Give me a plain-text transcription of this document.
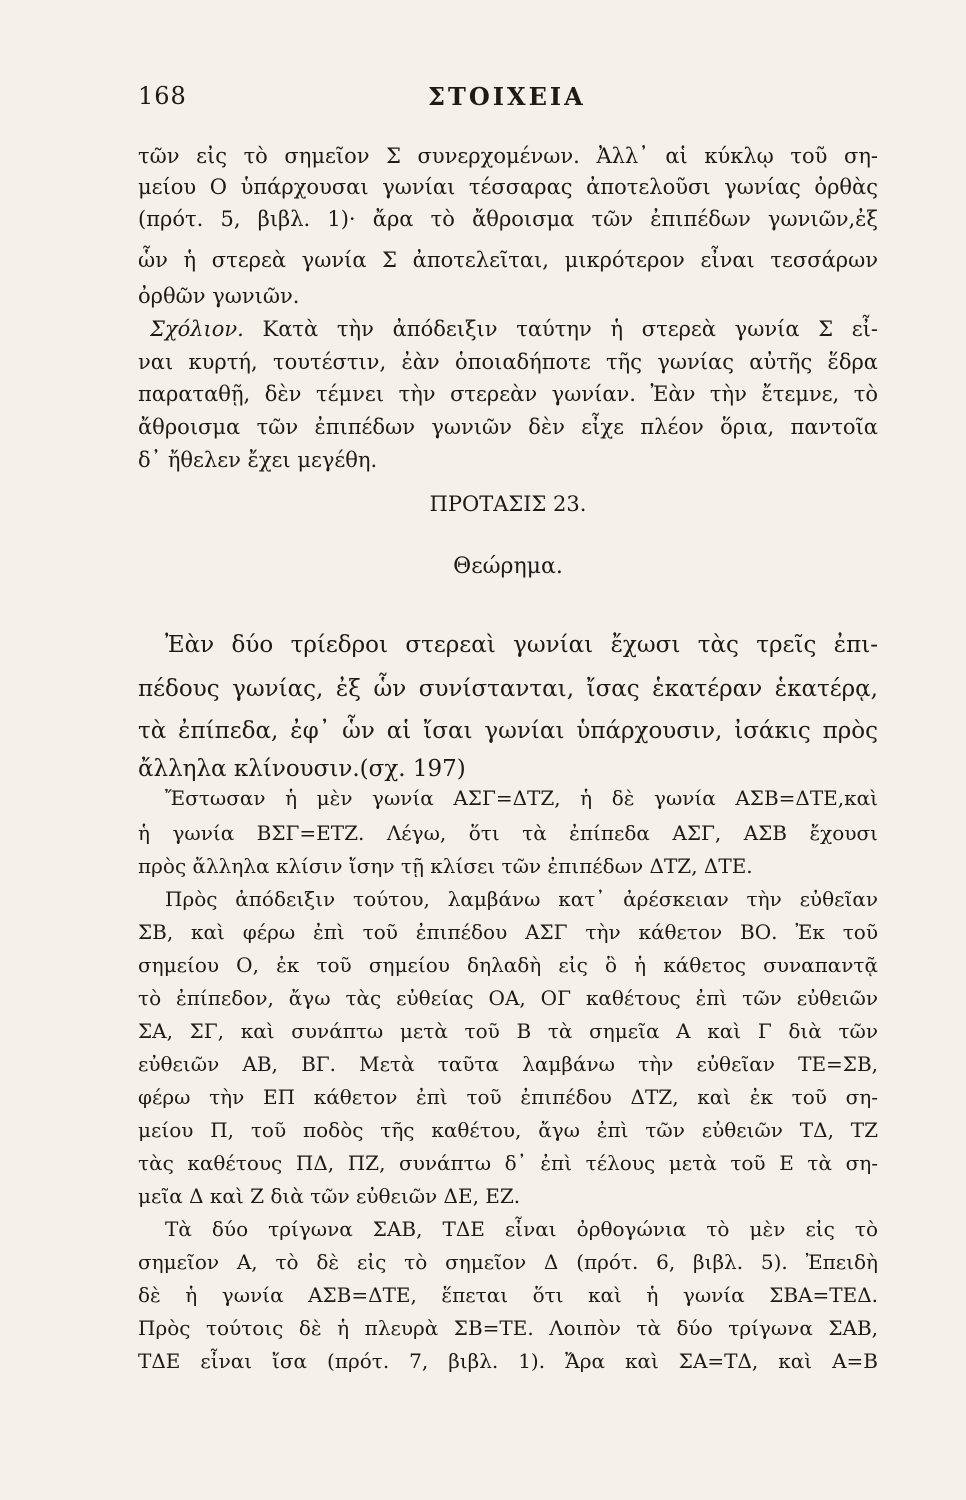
168	ΣΤΟΙΧΕΙΑ
τῶν εἰς τὸ σημεῖον Σ συνερχομένων. Ἀλλ᾿ αἱ κύκλῳ τοῦ ση-
μείου Ο ὑπάρχουσαι γωνίαι τέσσαρας ἀποτελοῦσι γωνίας ὀρθὰς
(πρότ. 5, βιβλ. 1)· ἄρα τὸ ἄθροισμα τῶν ἐπιπέδων γωνιῶν,ἐξ
ὧν ἡ στερεὰ γωνία Σ ἀποτελεῖται, μικρότερον εἶναι τεσσάρων
ὀρθῶν γωνιῶν.
Σχόλιον. Κατὰ τὴν ἀπόδειξιν ταύτην ἡ στερεὰ γωνία Σ εἶ-
ναι κυρτή, τουτέστιν, ἐὰν ὁποιαδήποτε τῆς γωνίας αὐτῆς ἕδρα
παραταθῇ, δὲν τέμνει τὴν στερεὰν γωνίαν. Ἐὰν τὴν ἔτεμνε, τὸ
ἄθροισμα τῶν ἐπιπέδων γωνιῶν δὲν εἶχε πλέον ὅρια, παντοῖα
δ᾿ ἤθελεν ἔχει μεγέθη.
ΠΡΟΤΑΣΙΣ 23.
Θεώρημα.
Ἐὰν δύο τρίεδροι στερεαὶ γωνίαι ἔχωσι τὰς τρεῖς ἐπι-
πέδους γωνίας, ἐξ ὧν συνίστανται, ἴσας ἑκατέραν ἑκατέρᾳ,
τὰ ἐπίπεδα, ἐφ᾿ ὧν αἱ ἴσαι γωνίαι ὑπάρχουσιν, ἰσάκις πρὸς
ἄλληλα κλίνουσιν.(σχ. 197)
Ἔστωσαν ἡ μὲν γωνία ΑΣΓ=ΔΤΖ, ἡ δὲ γωνία ΑΣΒ=ΔΤΕ,καὶ
ἡ γωνία ΒΣΓ=ΕΤΖ. Λέγω, ὅτι τὰ ἐπίπεδα ΑΣΓ, ΑΣΒ ἔχουσι
πρὸς ἄλληλα κλίσιν ἴσην τῇ κλίσει τῶν ἐπιπέδων ΔΤΖ, ΔΤΕ.
Πρὸς ἀπόδειξιν τούτου, λαμβάνω κατ᾿ ἀρέσκειαν τὴν εὐθεῖαν
ΣΒ, καὶ φέρω ἐπὶ τοῦ ἐπιπέδου ΑΣΓ τὴν κάθετον ΒΟ. Ἐκ τοῦ
σημείου Ο, ἐκ τοῦ σημείου δηλαδὴ εἰς ὃ ἡ κάθετος συναπαντᾷ
τὸ ἐπίπεδον, ἄγω τὰς εὐθείας ΟΑ, ΟΓ καθέτους ἐπὶ τῶν εὐθειῶν
ΣΑ, ΣΓ, καὶ συνάπτω μετὰ τοῦ Β τὰ σημεῖα Α καὶ Γ διὰ τῶν
εὐθειῶν ΑΒ, ΒΓ. Μετὰ ταῦτα λαμβάνω τὴν εὐθεῖαν ΤΕ=ΣΒ,
φέρω τὴν ΕΠ κάθετον ἐπὶ τοῦ ἐπιπέδου ΔΤΖ, καὶ ἐκ τοῦ ση-
μείου Π, τοῦ ποδὸς τῆς καθέτου, ἄγω ἐπὶ τῶν εὐθειῶν ΤΔ, ΤΖ
τὰς καθέτους ΠΔ, ΠΖ, συνάπτω δ᾿ ἐπὶ τέλους μετὰ τοῦ Ε τὰ ση-
μεῖα Δ καὶ Ζ διὰ τῶν εὐθειῶν ΔΕ, ΕΖ.
Τὰ δύο τρίγωνα ΣΑΒ, ΤΔΕ εἶναι ὀρθογώνια τὸ μὲν εἰς τὸ
σημεῖον Α, τὸ δὲ εἰς τὸ σημεῖον Δ (πρότ. 6, βιβλ. 5). Ἐπειδὴ
δὲ ἡ γωνία ΑΣΒ=ΔΤΕ, ἕπεται ὅτι καὶ ἡ γωνία ΣΒΑ=ΤΕΔ.
Πρὸς τούτοις δὲ ἡ πλευρὰ ΣΒ=ΤΕ. Λοιπὸν τὰ δύο τρίγωνα ΣΑΒ,
ΤΔΕ εἶναι ἴσα (πρότ. 7, βιβλ. 1). Ἄρα καὶ ΣΑ=ΤΔ, καὶ Α=Β
